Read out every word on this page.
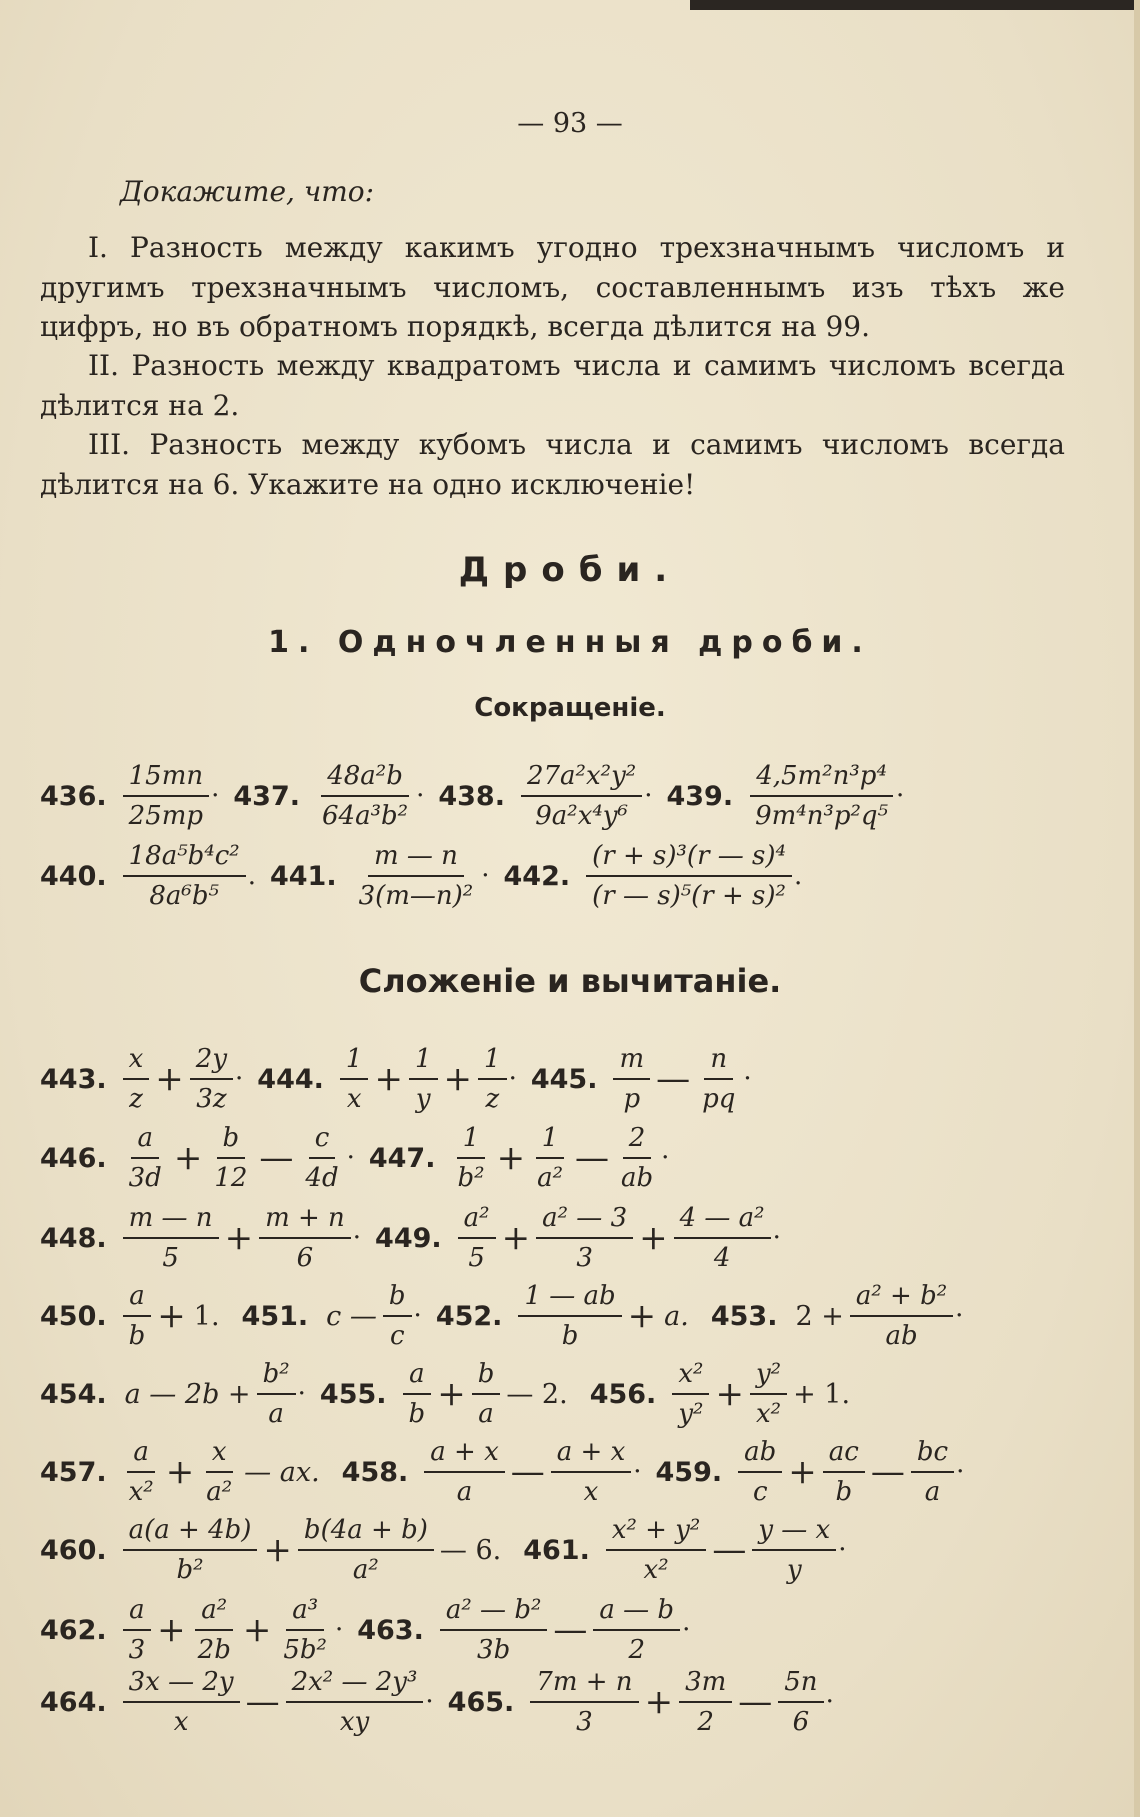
— 93 —
Докажите, что:
I. Разность между какимъ угодно трехзначнымъ числомъ и другимъ трехзначнымъ числомъ, составленнымъ изъ тѣхъ же цифръ, но въ обратномъ порядкѣ, всегда дѣлится на 99.
II. Разность между квадратомъ числа и самимъ числомъ всегда дѣлится на 2.
III. Разность между кубомъ числа и самимъ числомъ всегда дѣлится на 6. Укажите на одно исключенiе!
Дроби.
1. Одночленныя дроби.
Сокращенiе.
436. $\frac{15mn}{25mp} \cdot 437$. $\frac{\text{48a²b}}{\text{64a³b²}} \cdot 438$. $\frac{\text{27a²x²y²}}{\text{9a²x⁴y⁶}} \cdot 439$. $\frac{\text{4,5m²n³p⁴}}{\text{9m⁴n³p²q⁵}}$ ·
440. $\frac{\text{18a⁵b⁴c²}}{\text{8a⁶b⁵}}$ . 441. $\frac{m — n}{\text{3(m—n)²}} \cdot 442$. $\frac{\text{(r + s)³(r — s)⁴}}{\text{(r — s)⁵(r + s)²}}$ .
Сложенiе и вычитанiе.
443. $\frac{x}{z} + \frac{2y}{3z} \cdot 444$. $\frac{1}{x} + \frac{1}{y} + \frac{1}{z} \cdot 445$. $\frac{m}{p}$ — $\frac{n}{pq}$ ·
446. $\frac{a}{3d} + \frac{b}{12}$ — $\frac{c}{4d} \cdot 447$. $\frac{1}{\text{b²}} + \frac{1}{\text{a²}}$ — $\frac{2}{ab}$ ·
448. $\frac{m — n}{5} + \frac{m + n}{6} \cdot 449$. $\frac{\text{a²}}{5} + \frac{\text{a² — 3}}{3} + \frac{\text{4 — a²}}{4}$ ·
450. $\frac{a}{b} + 1$. 451. c — $\frac{b}{c} \cdot 452$. $\frac{1 — ab}{b} + a$. 453. $2 + \frac{\text{a² + b²}}{ab}$ ·
454. a — $2b + \frac{\text{b²}}{a} \cdot 455$. $\frac{a}{b} + \frac{b}{a}$ — 2. 456. $\frac{\text{x²}}{\text{y²}} + \frac{\text{y²}}{\text{x²}} + 1$.
457. $\frac{a}{\text{x²}} + \frac{x}{\text{a²}}$ — ax. 458. $\frac{a + x}{a}$ — $\frac{a + x}{x} \cdot 459$. $\frac{ab}{c} + \frac{ac}{b}$ — $\frac{bc}{a}$ ·
460. $\frac{a(a + 4b)}{\text{b²}} + \frac{b(4a + b)}{\text{a²}}$ — 6. 461. $\frac{\text{x² + y²}}{\text{x²}}$ — $\frac{y — x}{y}$ ·
462. $\frac{a}{3} + \frac{\text{a²}}{2b} + \frac{\text{a³}}{\text{5b²}} \cdot 463$. $\frac{\text{a² — b²}}{3b}$ — $\frac{a — b}{2}$ ·
464. $\frac{3x — 2y}{x}$ — $\frac{\text{2x² — 2y³}}{xy} \cdot 465$. $\frac{7m + n}{3} + \frac{3m}{2}$ — $\frac{5n}{6}$ ·
